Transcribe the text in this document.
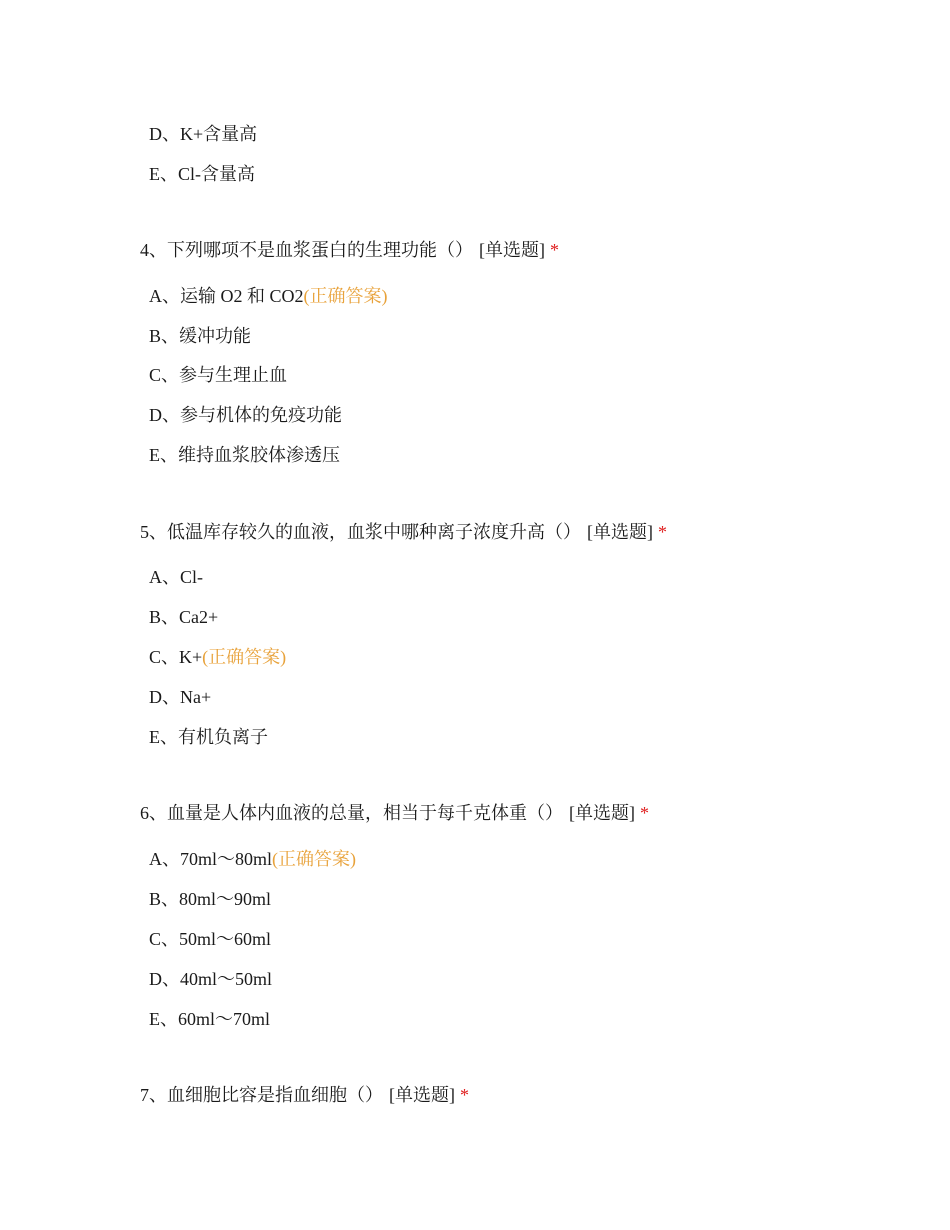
D、K+含量高
E、Cl-含量高
4、下列哪项不是血浆蛋白的生理功能（） [单选题] *
A、运输 O2 和 CO2(正确答案)
B、缓冲功能
C、参与生理止血
D、参与机体的免疫功能
E、维持血浆胶体渗透压
5、低温库存较久的血液，血浆中哪种离子浓度升高（） [单选题] *
A、Cl-
B、Ca2+
C、K+(正确答案)
D、Na+
E、有机负离子
6、血量是人体内血液的总量，相当于每千克体重（） [单选题] *
A、70ml～80ml(正确答案)
B、80ml～90ml
C、50ml～60ml
D、40ml～50ml
E、60ml～70ml
7、血细胞比容是指血细胞（） [单选题] *
